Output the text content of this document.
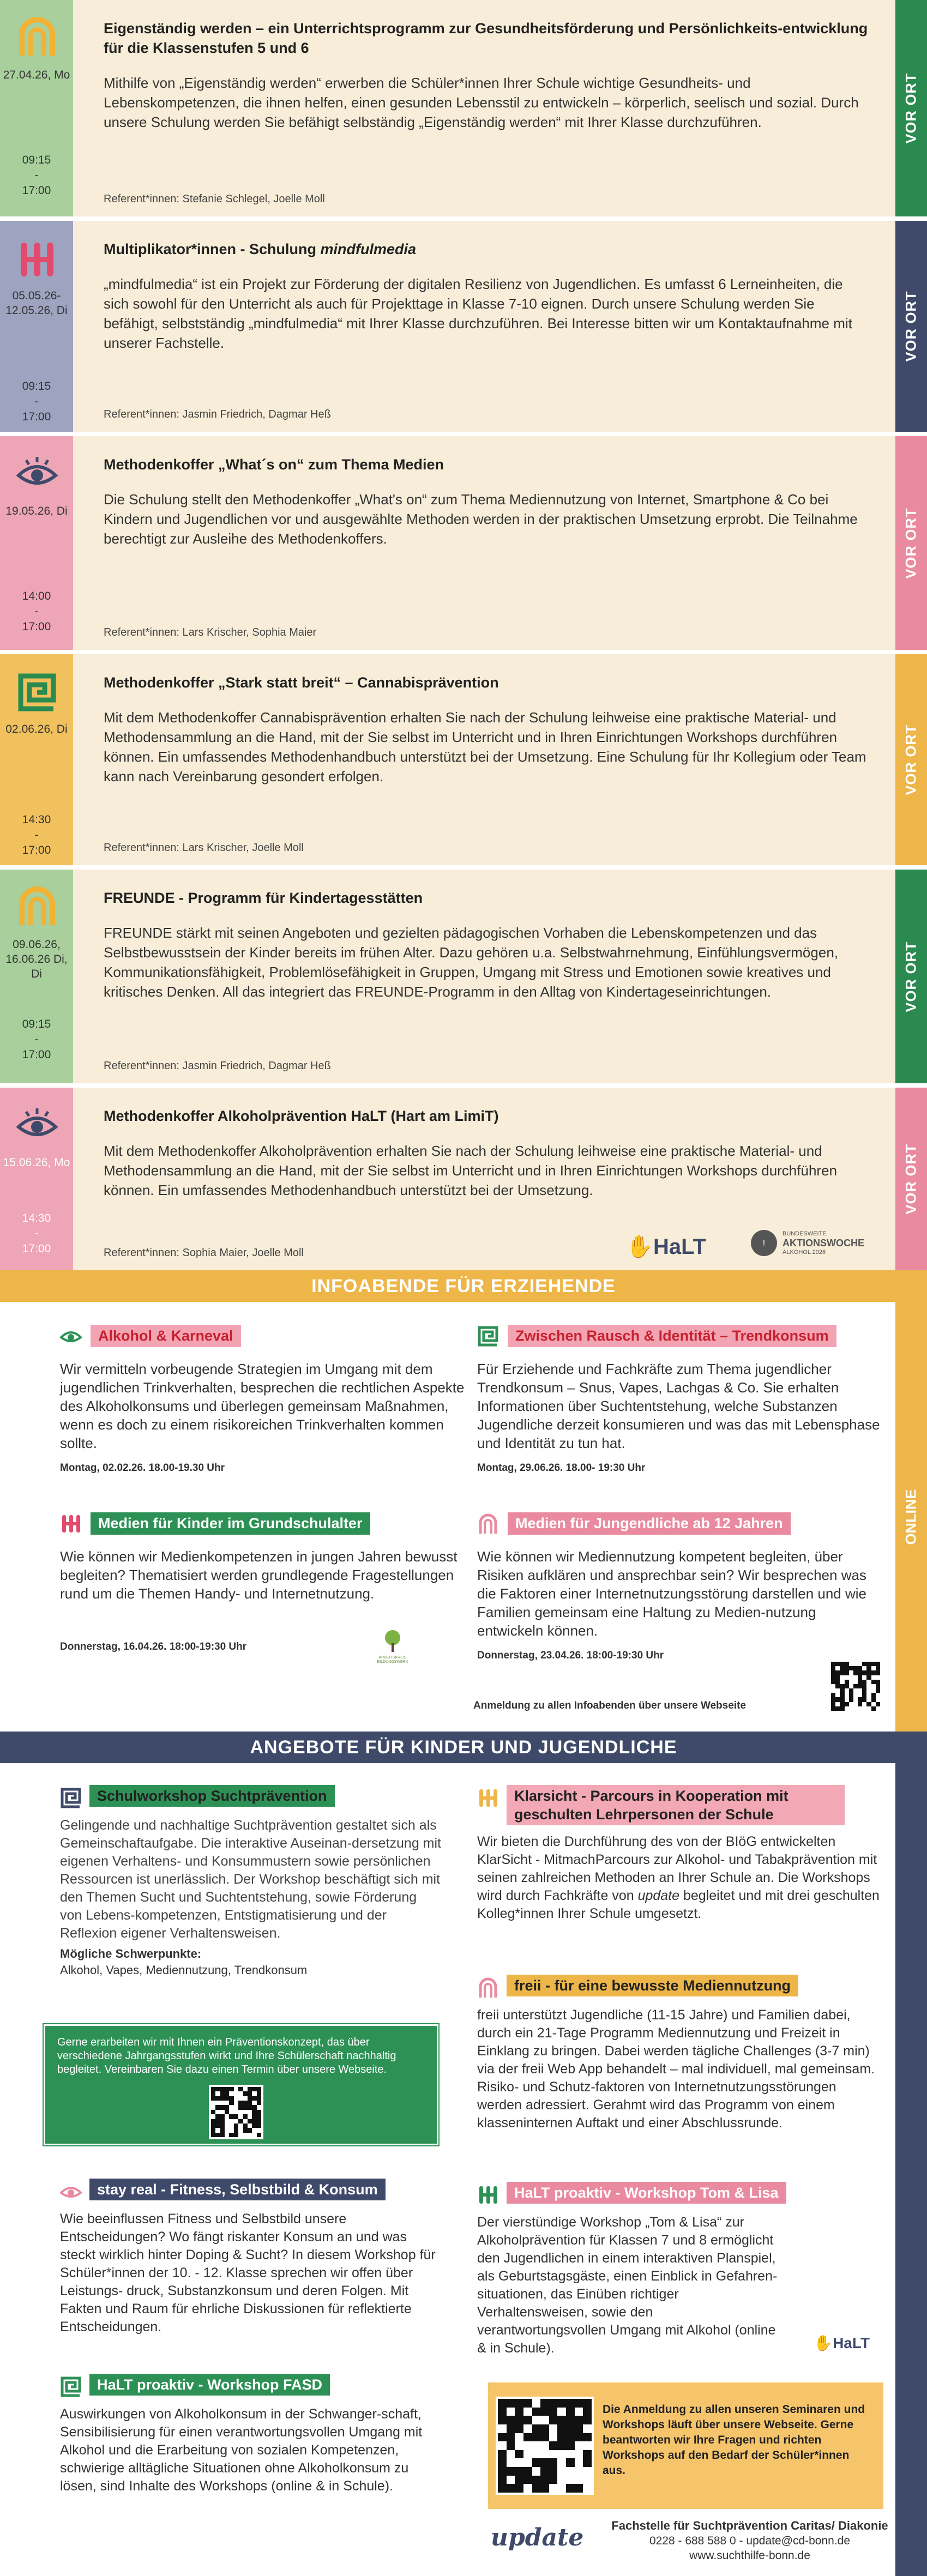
27.04.26, Mo
09:15
-
17:00
Eigenständig werden – ein Unterrichtsprogramm zur Gesundheitsförderung und Persönlichkeits-entwicklung für die Klassenstufen 5 und 6

Mithilfe von „Eigenständig werden“ erwerben die Schüler*innen Ihrer Schule wichtige Gesundheits- und Lebenskompetenzen, die ihnen helfen, einen gesunden Lebensstil zu entwickeln – körperlich, seelisch und sozial. Durch unsere Schulung werden Sie befähigt selbständig „Eigenständig werden“ mit Ihrer Klasse durchzuführen.

Referent*innen: Stefanie Schlegel, Joelle Moll
VOR ORT
05.05.26-12.05.26, Di
09:15
-
17:00
Multiplikator*innen - Schulung mindfulmedia

„mindfulmedia“ ist ein Projekt zur Förderung der digitalen Resilienz von Jugendlichen. Es umfasst 6 Lerneinheiten, die sich sowohl für den Unterricht als auch für Projekttage in Klasse 7-10 eignen. Durch unsere Schulung werden Sie befähigt, selbstständig „mindfulmedia“ mit Ihrer Klasse durchzuführen. Bei Interesse bitten wir um Kontaktaufnahme mit unserer Fachstelle.

Referent*innen: Jasmin Friedrich, Dagmar Heß
VOR ORT
19.05.26, Di
14:00
-
17:00
Methodenkoffer „What´s on“ zum Thema Medien

Die Schulung stellt den Methodenkoffer „What's on“ zum Thema Mediennutzung von Internet, Smartphone & Co bei Kindern und Jugendlichen vor und ausgewählte Methoden werden in der praktischen Umsetzung erprobt. Die Teilnahme berechtigt zur Ausleihe des Methodenkoffers.

Referent*innen: Lars Krischer, Sophia Maier
VOR ORT
02.06.26, Di
14:30
-
17:00
Methodenkoffer „Stark statt breit“ – Cannabisprävention

Mit dem Methodenkoffer Cannabisprävention erhalten Sie nach der Schulung leihweise eine praktische Material- und Methodensammlung an die Hand, mit der Sie selbst im Unterricht und in Ihren Einrichtungen Workshops durchführen können. Ein umfassendes Methodenhandbuch unterstützt bei der Umsetzung. Eine Schulung für Ihr Kollegium oder Team kann nach Vereinbarung gesondert erfolgen.

Referent*innen: Lars Krischer, Joelle Moll
VOR ORT
09.06.26, 16.06.26 Di, Di
09:15
-
17:00
FREUNDE - Programm für Kindertagesstätten

FREUNDE stärkt mit seinen Angeboten und gezielten pädagogischen Vorhaben die Lebenskompetenzen und das Selbstbewusstsein der Kinder bereits im frühen Alter. Dazu gehören u.a. Selbstwahrnehmung, Einfühlungsvermögen, Kommunikationsfähigkeit, Problemlösefähigkeit in Gruppen, Umgang mit Stress und Emotionen sowie kreatives und kritisches Denken. All das integriert das FREUNDE-Programm in den Alltag von Kindertageseinrichtungen.

Referent*innen: Jasmin Friedrich, Dagmar Heß
VOR ORT
15.06.26, Mo
14:30
-
17:00
Methodenkoffer Alkoholprävention HaLT (Hart am LimiT)

Mit dem Methodenkoffer Alkoholprävention erhalten Sie nach der Schulung leihweise eine praktische Material- und Methodensammlung an die Hand, mit der Sie selbst im Unterricht und in Ihren Einrichtungen Workshops durchführen können. Ein umfassendes Methodenhandbuch unterstützt bei der Umsetzung.

Referent*innen: Sophia Maier, Joelle Moll	✋HaLT	!
BUNDESWEITE
AKTIONSWOCHE
ALKOHOL 2026
VOR ORT
INFOABENDE FÜR ERZIEHENDE
ONLINE
Alkohol & Karneval

Wir vermitteln vorbeugende Strategien im Umgang mit dem jugendlichen Trinkverhalten, besprechen die rechtlichen Aspekte des Alkoholkonsums und überlegen gemeinsam Maßnahmen, wenn es doch zu einem risikoreichen Trinkverhalten kommen sollte.

Montag, 02.02.26. 18.00-19.30 Uhr
Zwischen Rausch & Identität – Trendkonsum

Für Erziehende und Fachkräfte zum Thema jugendlicher Trendkonsum – Snus, Vapes, Lachgas & Co. Sie erhalten Informationen über Suchtentstehung, welche Substanzen Jugendliche derzeit konsumieren und was das mit Lebensphase und Identität zu tun hat.

Montag, 29.06.26. 18.00- 19:30 Uhr
Medien für Kinder im Grundschulalter

Wie können wir Medienkompetenzen in jungen Jahren bewusst begleiten? Thematisiert werden grundlegende Fragestellungen rund um die Themen Handy- und Internetnutzung.

Donnerstag, 16.04.26. 18:00-19:30 Uhr
Medien für Jungendliche ab 12 Jahren

Wie können wir Mediennutzung kompetent begleiten, über Risiken aufklären und ansprechbar sein? Wir besprechen was die Faktoren einer Internetnutzungsstörung darstellen und wie Familien gemeinsam eine Haltung zu Medien-nutzung entwickeln können.

Donnerstag, 23.04.26. 18:00-19:30 Uhr
ARBEITSKREIS BILDUNGSWERK
Anmeldung zu allen Infoabenden über unsere Webseite
ANGEBOTE FÜR KINDER UND JUGENDLICHE
Schulworkshop Suchtprävention

Gelingende und nachhaltige Suchtprävention gestaltet sich als Gemeinschaftaufgabe. Die interaktive Auseinan-dersetzung mit eigenen Verhaltens- und Konsummustern sowie persönlichen Ressourcen ist unerlässlich. Der Workshop beschäftigt sich mit den Themen Sucht und Suchtentstehung, sowie Förderung von Lebens-kompetenzen, Entstigmatisierung und der Reflexion eigener Verhaltensweisen.

Mögliche Schwerpunkte:
Alkohol, Vapes, Mediennutzung, Trendkonsum
Gerne erarbeiten wir mit Ihnen ein Präventionskonzept, das über verschiedene Jahrgangsstufen wirkt und Ihre Schülerschaft nachhaltig begleitet. Vereinbaren Sie dazu einen Termin über unsere Webseite.
stay real - Fitness, Selbstbild & Konsum

Wie beeinflussen Fitness und Selbstbild unsere Entscheidungen? Wo fängt riskanter Konsum an und was steckt wirklich hinter Doping & Sucht? In diesem Workshop für Schüler*innen der 10. - 12. Klasse sprechen wir offen über Leistungs- druck, Substanzkonsum und deren Folgen. Mit Fakten und Raum für ehrliche Diskussionen für reflektierte Entscheidungen.

HaLT proaktiv - Workshop FASD

Auswirkungen von Alkoholkonsum in der Schwanger-schaft, Sensibilisierung für einen verantwortungsvollen Umgang mit Alkohol und die Erarbeitung von sozialen Kompetenzen, schwierige alltägliche Situationen ohne Alkoholkonsum zu lösen, sind Inhalte des Workshops (online & in Schule).

Klarsicht - Parcours in Kooperation mit geschulten Lehrpersonen der Schule

Wir bieten die Durchführung des von der BIöG entwickelten KlarSicht - MitmachParcours zur Alkohol- und Tabakprävention mit seinen zahlreichen Methoden an Ihrer Schule an. Die Workshops wird durch Fachkräfte von update begleitet und mit drei geschulten Kolleg*innen Ihrer Schule umgesetzt.

freii - für eine bewusste Mediennutzung

freii unterstützt Jugendliche (11-15 Jahre) und Familien dabei, durch ein 21-Tage Programm Mediennutzung und Freizeit in Einklang zu bringen. Dabei werden tägliche Challenges (3-7 min) via der freii Web App behandelt – mal individuell, mal gemeinsam. Risiko- und Schutz-faktoren von Internetnutzungsstörungen werden adressiert. Gerahmt wird das Programm von einem klasseninternen Auftakt und einer Abschlussrunde.

HaLT proaktiv - Workshop Tom & Lisa

Der vierstündige Workshop „Tom & Lisa“ zur Alkoholprävention für Klassen 7 und 8 ermöglicht den Jugendlichen in einem interaktiven Planspiel, als Geburtstagsgäste, einen Einblick in Gefahren-situationen, das Einüben richtiger Verhaltensweisen, sowie den verantwortungsvollen Umgang mit Alkohol (online & in Schule).	✋HaLT
Die Anmeldung zu allen unseren Seminaren und Workshops läuft über unsere Webseite. Gerne beantworten wir Ihre Fragen und richten Workshops auf den Bedarf der Schüler*innen aus.
update	Fachstelle für Suchtprävention Caritas/ Diakonie
0228 - 688 588 0 - update@cd-bonn.de
www.suchthilfe-bonn.de
